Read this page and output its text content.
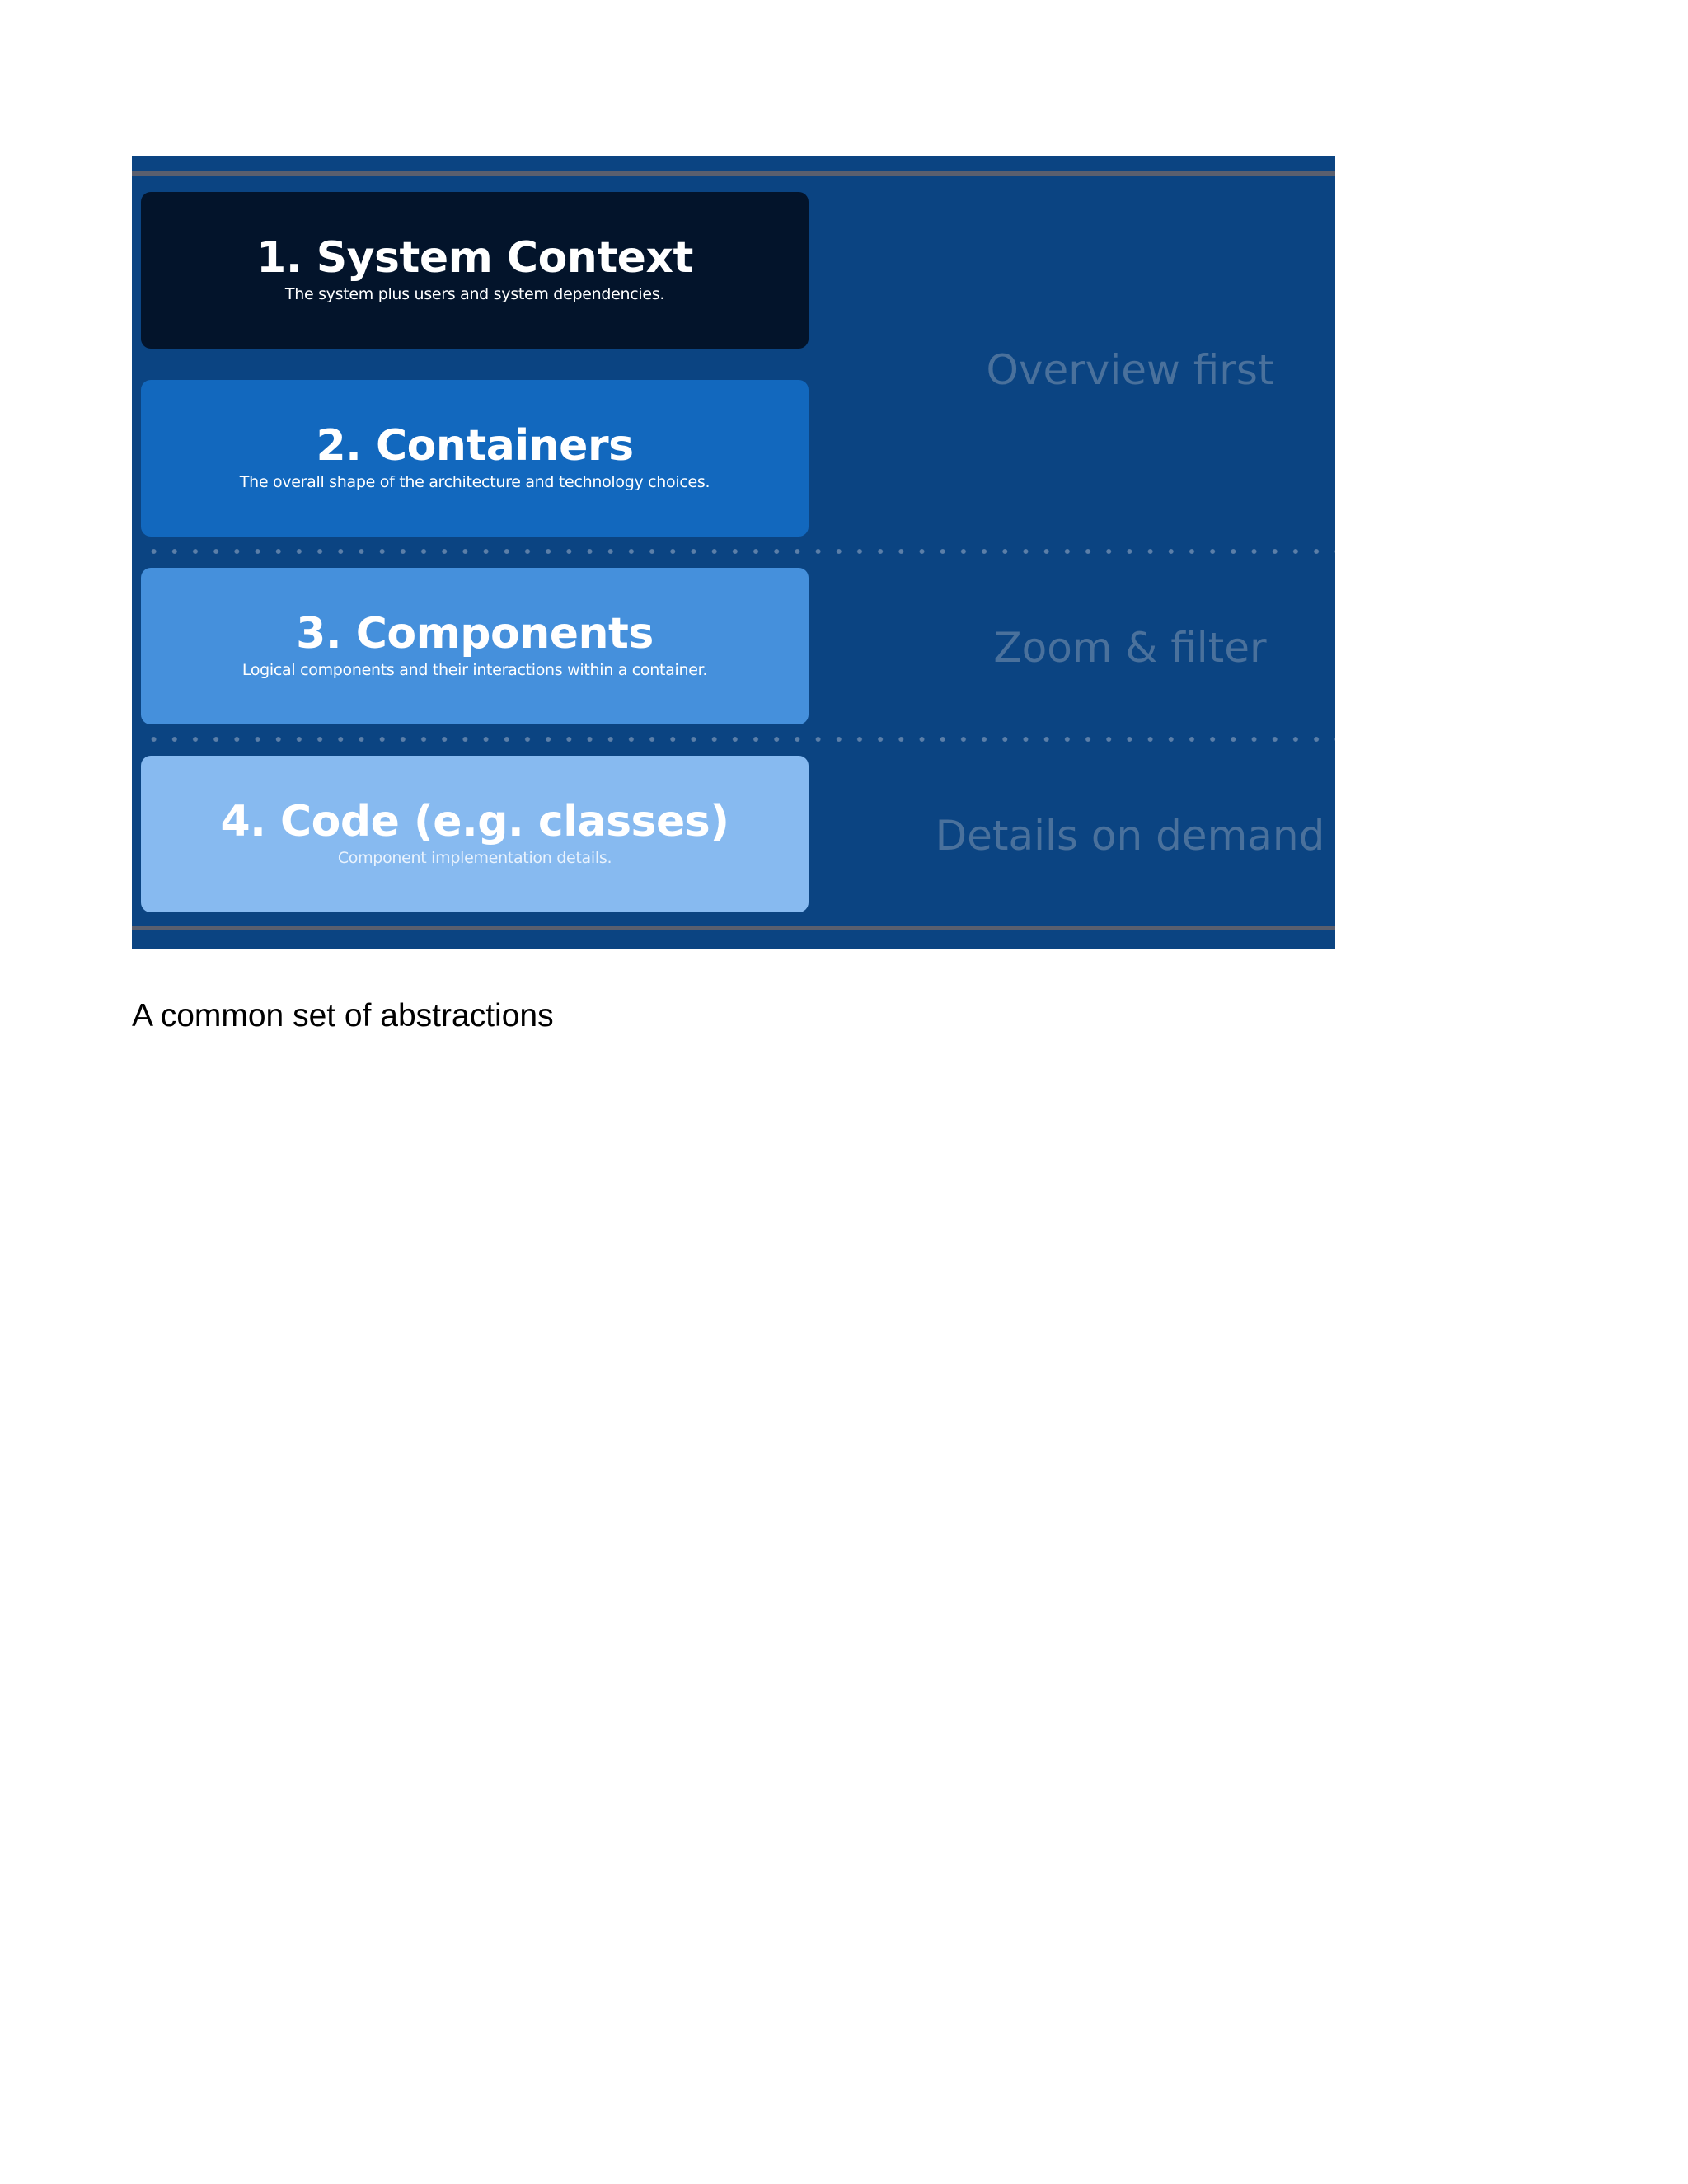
1. System Context
The system plus users and system dependencies.
2. Containers
The overall shape of the architecture and technology choices.
3. Components
Logical components and their interactions within a container.
4. Code (e.g. classes)
Component implementation details.
Overview first
Zoom & filter
Details on demand
A common set of abstractions
